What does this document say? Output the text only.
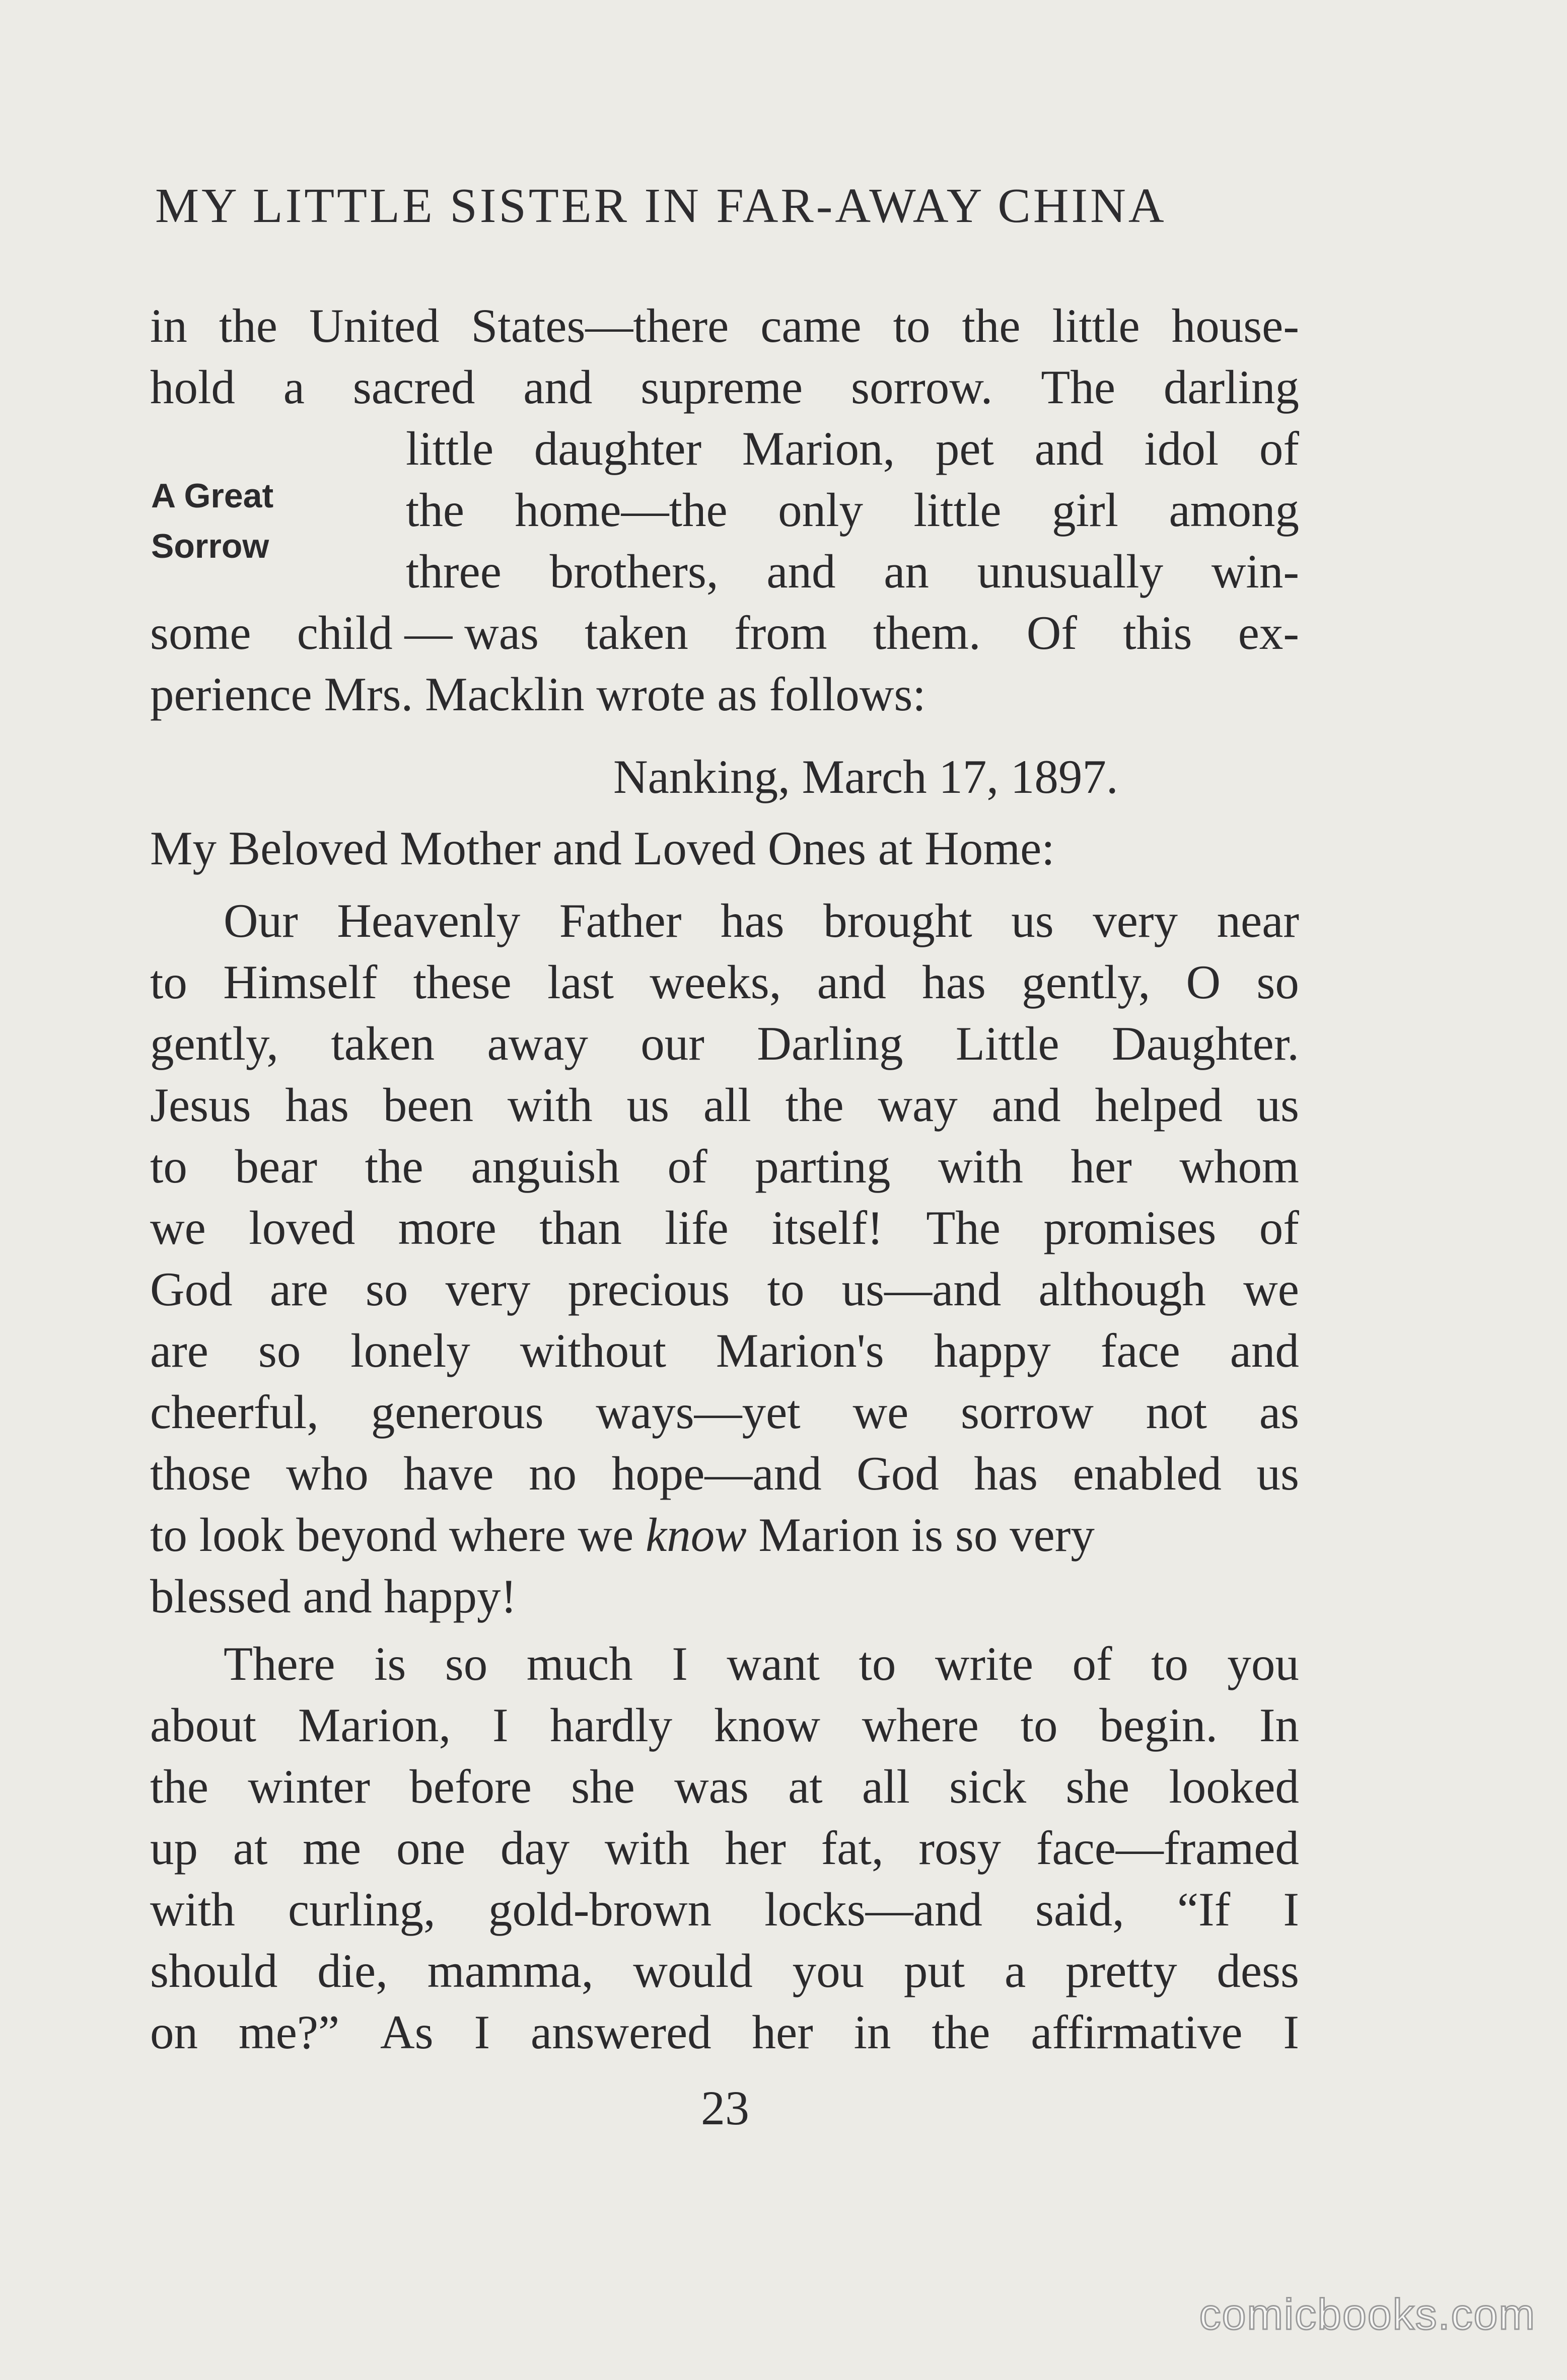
MY LITTLE SISTER IN FAR-AWAY CHINA
A Great
Sorrow
in the United States—there came to the little house-
hold a sacred and supreme sorrow. The darling
little daughter Marion, pet and idol of
the home—the only little girl among
three brothers, and an unusually win-
some child — was taken from them. Of this ex-
perience Mrs. Macklin wrote as follows:
Nanking, March 17, 1897.
My Beloved Mother and Loved Ones at Home:
Our Heavenly Father has brought us very near
to Himself these last weeks, and has gently, O so
gently, taken away our Darling Little Daughter.
Jesus has been with us all the way and helped us
to bear the anguish of parting with her whom
we loved more than life itself! The promises of
God are so very precious to us—and although we
are so lonely without Marion's happy face and
cheerful, generous ways—yet we sorrow not as
those who have no hope—and God has enabled us
to look beyond where we know Marion is so very
blessed and happy!
There is so much I want to write of to you
about Marion, I hardly know where to begin. In
the winter before she was at all sick she looked
up at me one day with her fat, rosy face—framed
with curling, gold-brown locks—and said, “If I
should die, mamma, would you put a pretty dess
on me?” As I answered her in the affirmative I
23
comicbooks.com
